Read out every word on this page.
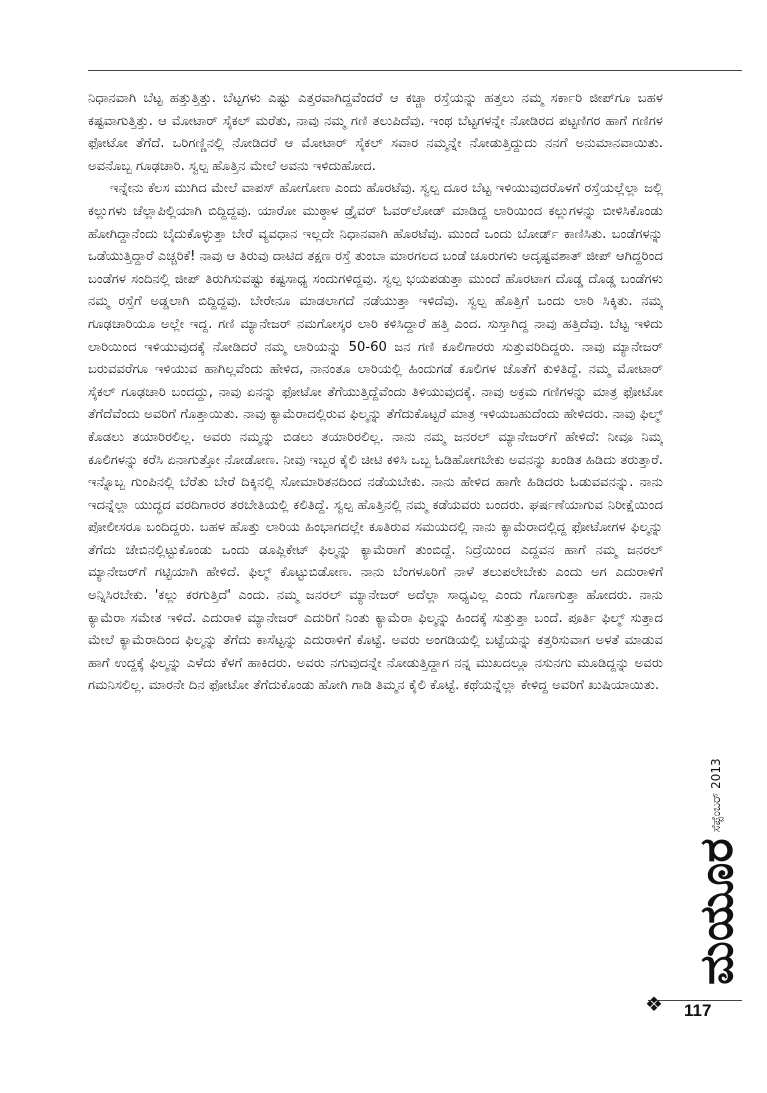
ನಿಧಾನವಾಗಿ ಬೆಟ್ಟ ಹತ್ತುತ್ತಿತ್ತು. ಬೆಟ್ಟಗಳು ಎಷ್ಟು ಎತ್ತರವಾಗಿದ್ದವೆಂದರೆ ಆ ಕಚ್ಚಾ ರಸ್ತೆಯನ್ನು ಹತ್ತಲು ನಮ್ಮ ಸರ್ಕಾರಿ ಜೀಪ್‌ಗೂ ಬಹಳ ಕಷ್ಟವಾಗುತ್ತಿತ್ತು. ಆ ಮೋಟಾರ್ ಸೈಕಲ್ ಮರೆತು, ನಾವು ನಮ್ಮ ಗಣಿ ತಲುಪಿದೆವು. ಇಂಥ ಬೆಟ್ಟಗಳನ್ನೇ ನೋಡಿರದ ಪಟ್ಟಣಿಗರ ಹಾಗೆ ಗಣಿಗಳ ಫೋಟೋ ತೆಗೆದೆ. ಒರಿಗಣ್ಣಿನಲ್ಲಿ ನೋಡಿದರೆ ಆ ಮೋಟಾರ್ ಸೈಕಲ್ ಸವಾರ ನಮ್ಮನ್ನೇ ನೋಡುತ್ತಿದ್ದುದು ನನಗೆ ಅನುಮಾನವಾಯಿತು. ಅವನೊಬ್ಬ ಗೂಢಚಾರಿ. ಸ್ವಲ್ಪ ಹೊತ್ತಿನ ಮೇಲೆ ಅವನು ಇಳಿದುಹೋದ.

ಇನ್ನೇನು ಕೆಲಸ ಮುಗಿದ ಮೇಲೆ ವಾಪಸ್ ಹೋಗೋಣ ಎಂದು ಹೊರಟೆವು. ಸ್ವಲ್ಪ ದೂರ ಬೆಟ್ಟ ಇಳಿಯುವುದರೊಳಗೆ ರಸ್ತೆಯಲ್ಲೆಲ್ಲಾ ಜಲ್ಲಿ ಕಲ್ಲುಗಳು ಚೆಲ್ಲಾಪಿಲ್ಲಿಯಾಗಿ ಬಿದ್ದಿದ್ದವು. ಯಾರೋ ಮುಠ್ಠಾಳ ಡ್ರೈವರ್ ಓವರ್‌ಲೋಡ್ ಮಾಡಿದ್ದ ಲಾರಿಯಿಂದ ಕಲ್ಲುಗಳನ್ನು ಬೀಳಿಸಿಕೊಂಡು ಹೋಗಿದ್ದಾನೆಂದು ಬೈದುಕೊಳ್ಳುತ್ತಾ ಬೇರೆ ವ್ಯವಧಾನ ಇಲ್ಲದೇ ನಿಧಾನವಾಗಿ ಹೊರಟೆವು. ಮುಂದೆ ಒಂದು ಬೋರ್ಡ್ ಕಾಣಿಸಿತು. ಬಂಡೆಗಳನ್ನು ಒಡೆಯುತ್ತಿದ್ದಾರೆ ಎಚ್ಚರಿಕೆ! ನಾವು ಆ ತಿರುವು ದಾಟಿದ ತಕ್ಷಣ ರಸ್ತೆ ತುಂಬಾ ಮಾರಗಲದ ಬಂಡೆ ಚೂರುಗಳು ಅದೃಷ್ಟವಶಾತ್ ಜೀಪ್ ಆಗಿದ್ದರಿಂದ ಬಂಡೆಗಳ ಸಂದಿನಲ್ಲಿ ಜೀಪ್ ತಿರುಗಿಸುವಷ್ಟು ಕಷ್ಟಸಾಧ್ಯ ಸಂದುಗಳಿದ್ದವು. ಸ್ವಲ್ಪ ಭಯಪಡುತ್ತಾ ಮುಂದೆ ಹೊರಟಾಗ ದೊಡ್ಡ ದೊಡ್ಡ ಬಂಡೆಗಳು ನಮ್ಮ ರಸ್ತೆಗೆ ಅಡ್ಡಲಾಗಿ ಬಿದ್ದಿದ್ದವು. ಬೇರೇನೂ ಮಾಡಲಾಗದೆ ನಡೆಯುತ್ತಾ ಇಳಿದೆವು. ಸ್ವಲ್ಪ ಹೊತ್ತಿಗೆ ಒಂದು ಲಾರಿ ಸಿಕ್ಕಿತು. ನಮ್ಮ ಗೂಢಚಾರಿಯೂ ಅಲ್ಲೇ ಇದ್ದ. ಗಣಿ ಮ್ಯಾನೇಜರ್ ನಮಗೋಸ್ಕರ ಲಾರಿ ಕಳಿಸಿದ್ದಾರೆ ಹತ್ತಿ ಎಂದ. ಸುಸ್ತಾಗಿದ್ದ ನಾವು ಹತ್ತಿದೆವು. ಬೆಟ್ಟ ಇಳಿದು ಲಾರಿಯಿಂದ ಇಳಿಯುವುದಕ್ಕೆ ನೋಡಿದರೆ ನಮ್ಮ ಲಾರಿಯನ್ನು 50-60 ಜನ ಗಣಿ ಕೂಲಿಗಾರರು ಸುತ್ತುವರಿದಿದ್ದರು. ನಾವು ಮ್ಯಾನೇಜರ್ ಬರುವವರೆಗೂ ಇಳಿಯುವ ಹಾಗಿಲ್ಲವೆಂದು ಹೇಳಿದ, ನಾನಂತೂ ಲಾರಿಯಲ್ಲಿ ಹಿಂದುಗಡೆ ಕೂಲಿಗಳ ಜೊತೆಗೆ ಕುಳಿತಿದ್ದೆ. ನಮ್ಮ ಮೋಟಾರ್ ಸೈಕಲ್ ಗೂಢಚಾರಿ ಬಂದದ್ದು, ನಾವು ಏನನ್ನು ಫೋಟೋ ತೆಗೆಯುತ್ತಿದ್ದೆವೆಂದು ತಿಳಿಯುವುದಕ್ಕೆ. ನಾವು ಅಕ್ರಮ ಗಣಿಗಳನ್ನು ಮಾತ್ರ ಫೋಟೋ ತೆಗೆದೆವೆಂದು ಅವರಿಗೆ ಗೊತ್ತಾಯಿತು. ನಾವು ಕ್ಯಾಮೆರಾದಲ್ಲಿರುವ ಫಿಲ್ಮನ್ನು ತೆಗೆದುಕೊಟ್ಟರೆ ಮಾತ್ರ ಇಳಿಯಬಹುದೆಂದು ಹೇಳಿದರು. ನಾವು ಫಿಲ್ಮ್ ಕೊಡಲು ತಯಾರಿರಲಿಲ್ಲ. ಅವರು ನಮ್ಮನ್ನು ಬಿಡಲು ತಯಾರಿರಲಿಲ್ಲ. ನಾನು ನಮ್ಮ ಜನರಲ್ ಮ್ಯಾನೇಜರ್‌ಗೆ ಹೇಳಿದೆ: ನೀವೂ ನಿಮ್ಮ ಕೂಲಿಗಳನ್ನು ಕರೆಸಿ ಏನಾಗುತ್ತೋ ನೋಡೋಣ. ನೀವು ಇಬ್ಬರ ಕೈಲಿ ಚೀಟಿ ಕಳಿಸಿ ಒಬ್ಬ ಓಡಿಹೋಗಬೇಕು ಅವನನ್ನು ಖಂಡಿತ ಹಿಡಿದು ತರುತ್ತಾರೆ. ಇನ್ನೊಬ್ಬ ಗುಂಪಿನಲ್ಲಿ ಬೆರೆತು ಬೇರೆ ದಿಕ್ಕಿನಲ್ಲಿ ಸೋಮಾರಿತನದಿಂದ ನಡೆಯಬೇಕು. ನಾನು ಹೇಳಿದ ಹಾಗೇ ಹಿಡಿದರು ಓಡುವವನನ್ನು. ನಾನು ಇದನ್ನೆಲ್ಲಾ ಯುದ್ಧದ ವರದಿಗಾರರ ತರಬೇತಿಯಲ್ಲಿ ಕಲಿತಿದ್ದೆ. ಸ್ವಲ್ಪ ಹೊತ್ತಿನಲ್ಲಿ ನಮ್ಮ ಕಡೆಯವರು ಬಂದರು. ಘರ್ಷಣೆಯಾಗುವ ನಿರೀಕ್ಷೆಯಿಂದ ಪೋಲೀಸರೂ ಬಂದಿದ್ದರು. ಬಹಳ ಹೊತ್ತು ಲಾರಿಯ ಹಿಂಭಾಗದಲ್ಲೇ ಕೂತಿರುವ ಸಮಯದಲ್ಲಿ ನಾನು ಕ್ಯಾಮೆರಾದಲ್ಲಿದ್ದ ಫೋಟೋಗಳ ಫಿಲ್ಮನ್ನು ತೆಗೆದು ಜೇಬಿನಲ್ಲಿಟ್ಟುಕೊಂಡು ಒಂದು ಡೂಪ್ಲಿಕೇಟ್ ಫಿಲ್ಮನ್ನು ಕ್ಯಾಮೆರಾಗೆ ತುಂಬಿದ್ದೆ. ನಿದ್ರೆಯಿಂದ ಎದ್ದವನ ಹಾಗೆ ನಮ್ಮ ಜನರಲ್ ಮ್ಯಾನೇಜರ್‌ಗೆ ಗಟ್ಟಿಯಾಗಿ ಹೇಳಿದೆ. ಫಿಲ್ಮ್ ಕೊಟ್ಟುಬಿಡೋಣ. ನಾನು ಬೆಂಗಳೂರಿಗೆ ನಾಳೆ ತಲುಪಲೇಬೇಕು ಎಂದು ಅಗ ಎದುರಾಳಿಗೆ ಅನ್ನಿಸಿರಬೇಕು. 'ಕಲ್ಲು ಕರಗುತ್ತಿದೆ' ಎಂದು. ನಮ್ಮ ಜನರಲ್ ಮ್ಯಾನೇಜರ್ ಅದೆಲ್ಲಾ ಸಾಧ್ಯವಿಲ್ಲ ಎಂದು ಗೊಣಗುತ್ತಾ ಹೋದರು. ನಾನು ಕ್ಯಾಮೆರಾ ಸಮೇತ ಇಳಿದೆ. ಎದುರಾಳಿ ಮ್ಯಾನೇಜರ್ ಎದುರಿಗೆ ನಿಂತು ಕ್ಯಾಮೆರಾ ಫಿಲ್ಮನ್ನು ಹಿಂದಕ್ಕೆ ಸುತ್ತುತ್ತಾ ಬಂದೆ. ಪೂರ್ತಿ ಫಿಲ್ಮ್ ಸುತ್ತಾದ ಮೇಲೆ ಕ್ಯಾಮೆರಾದಿಂದ ಫಿಲ್ಮನ್ನು ತೆಗೆದು ಕಾಸೆಟ್ಟನ್ನು ಎದುರಾಳಿಗೆ ಕೊಟ್ಟೆ. ಅವರು ಅಂಗಡಿಯಲ್ಲಿ ಬಟ್ಟೆಯನ್ನು ಕತ್ತರಿಸುವಾಗ ಅಳತೆ ಮಾಡುವ ಹಾಗೆ ಉದ್ದಕ್ಕೆ ಫಿಲ್ಮನ್ನು ಎಳೆದು ಕೆಳಗೆ ಹಾಕಿದರು. ಅವರು ನಗುವುದನ್ನೇ ನೋಡುತ್ತಿದ್ದಾಗ ನನ್ನ ಮುಖದಲ್ಲೂ ನಸುನಗು ಮೂಡಿದ್ದನ್ನು ಅವರು ಗಮನಿಸಲಿಲ್ಲ. ಮಾರನೇ ದಿನ ಫೋಟೋ ತೆಗೆದುಕೊಂಡು ಹೋಗಿ ಗಾಡಿ ತಿಮ್ಮನ ಕೈಲಿ ಕೊಟ್ಟೆ. ಕಥೆಯನ್ನೆಲ್ಲಾ ಕೇಳಿದ್ದ ಅವರಿಗೆ ಖುಷಿಯಾಯಿತು.

ಮಯೂರಸೆಪ್ಟೆಂಬರ್ 2013
❖ 117
